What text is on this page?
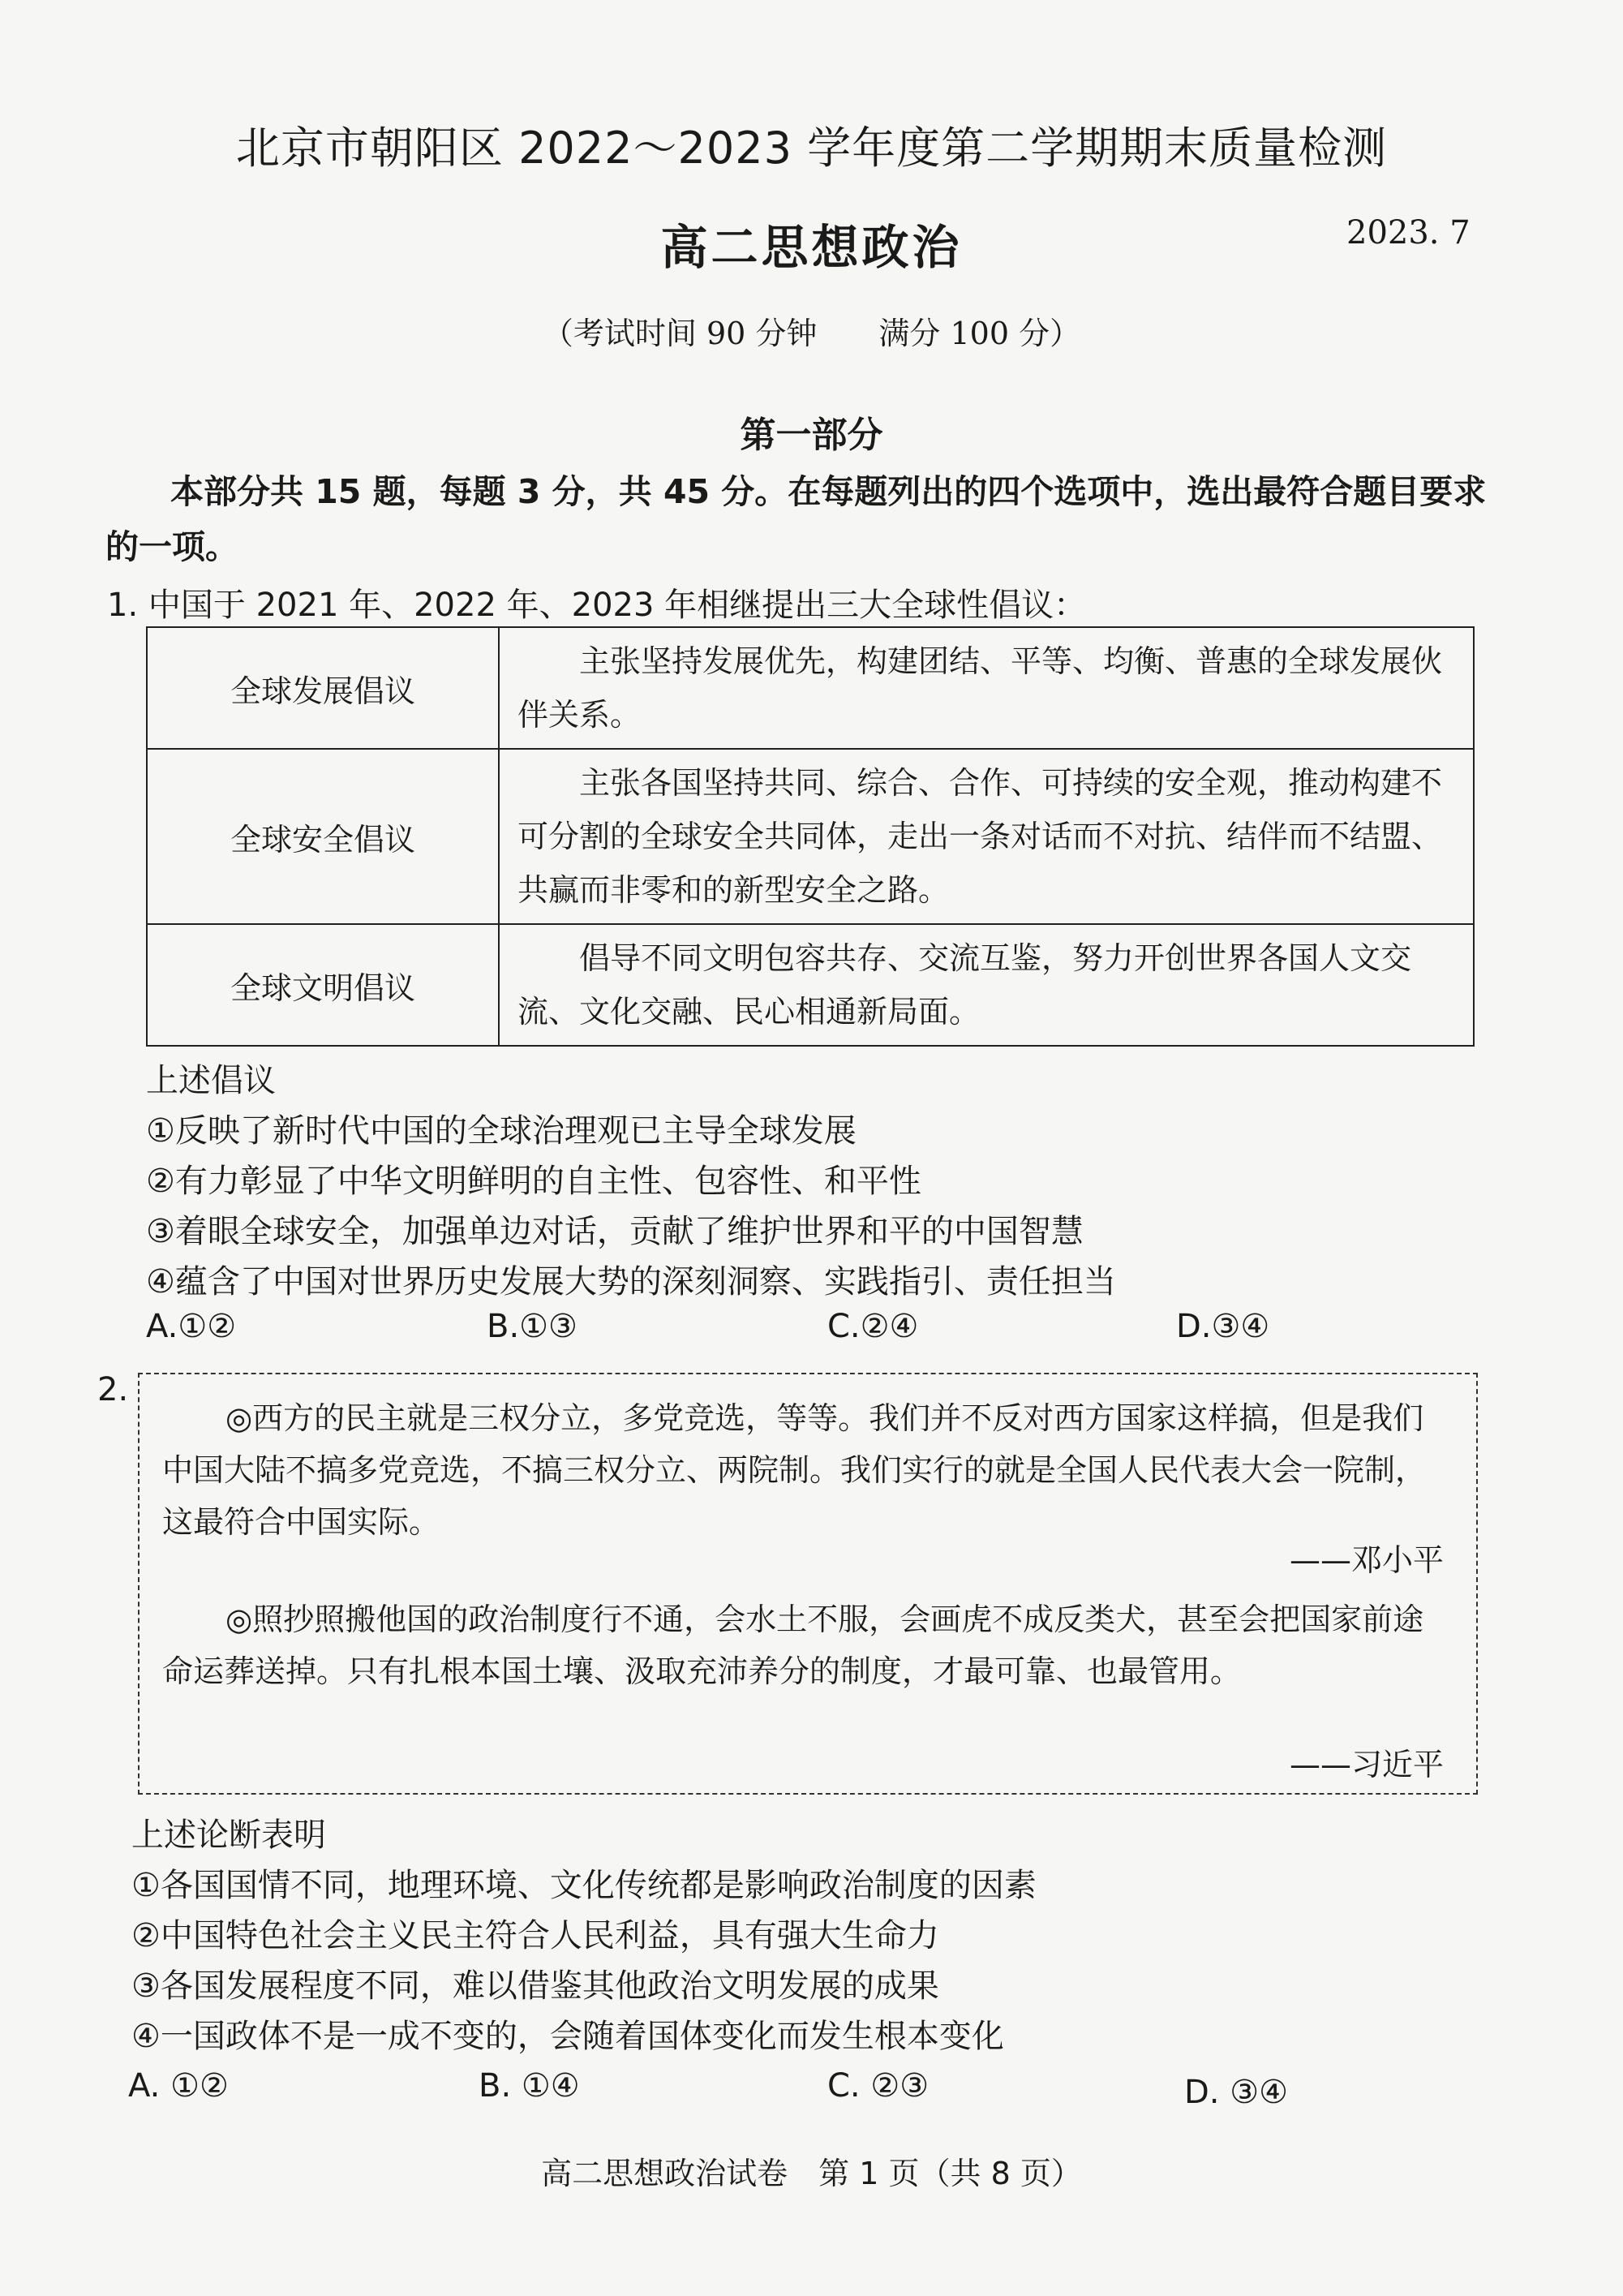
北京市朝阳区 2022～2023 学年度第二学期期末质量检测
高二思想政治	2023. 7
（考试时间 90 分钟　　满分 100 分）
第一部分
本部分共 15 题，每题 3 分，共 45 分。在每题列出的四个选项中，选出最符合题目要求的一项。
1. 中国于 2021 年、2022 年、2023 年相继提出三大全球性倡议：
全球发展倡议	主张坚持发展优先，构建团结、平等、均衡、普惠的全球发展伙伴关系。
全球安全倡议	主张各国坚持共同、综合、合作、可持续的安全观，推动构建不可分割的全球安全共同体，走出一条对话而不对抗、结伴而不结盟、共赢而非零和的新型安全之路。
全球文明倡议	倡导不同文明包容共存、交流互鉴，努力开创世界各国人文交流、文化交融、民心相通新局面。
上述倡议
①反映了新时代中国的全球治理观已主导全球发展
②有力彰显了中华文明鲜明的自主性、包容性、和平性
③着眼全球安全，加强单边对话，贡献了维护世界和平的中国智慧
④蕴含了中国对世界历史发展大势的深刻洞察、实践指引、责任担当
A.①②	B.①③	C.②④	D.③④
2.
◎西方的民主就是三权分立，多党竞选，等等。我们并不反对西方国家这样搞，但是我们中国大陆不搞多党竞选，不搞三权分立、两院制。我们实行的就是全国人民代表大会一院制，这最符合中国实际。
——邓小平
◎照抄照搬他国的政治制度行不通，会水土不服，会画虎不成反类犬，甚至会把国家前途命运葬送掉。只有扎根本国土壤、汲取充沛养分的制度，才最可靠、也最管用。
——习近平
上述论断表明
①各国国情不同，地理环境、文化传统都是影响政治制度的因素
②中国特色社会主义民主符合人民利益，具有强大生命力
③各国发展程度不同，难以借鉴其他政治文明发展的成果
④一国政体不是一成不变的，会随着国体变化而发生根本变化
A. ①②	B. ①④	C. ②③	D. ③④
高二思想政治试卷　第 1 页（共 8 页）
